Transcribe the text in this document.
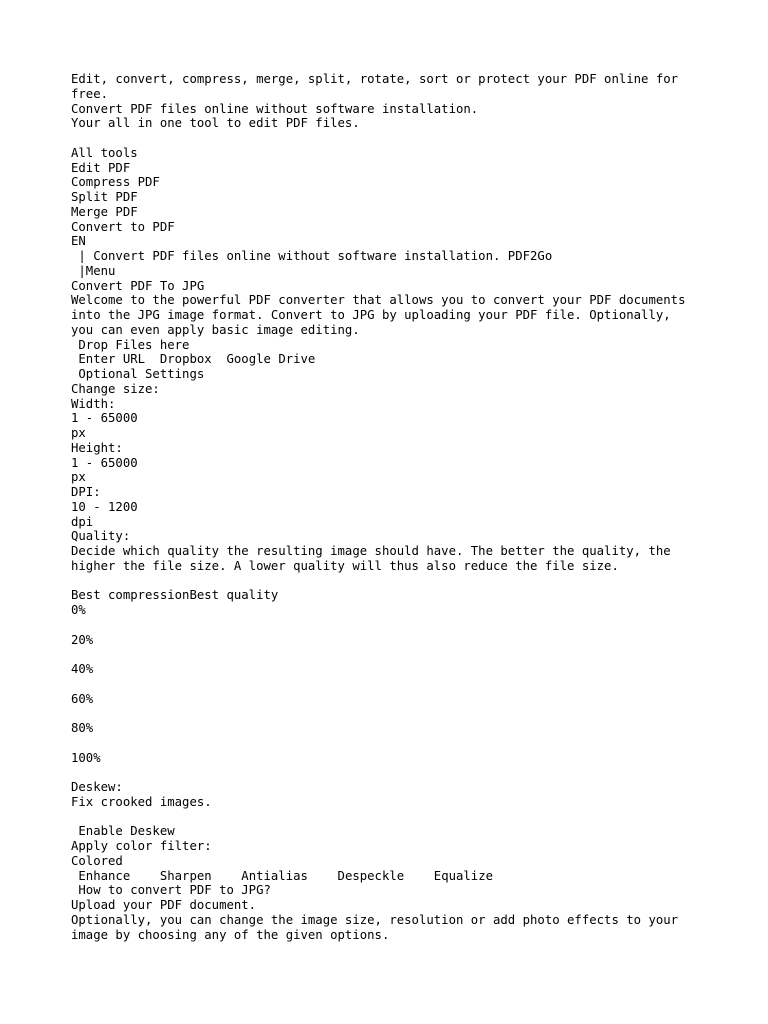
Edit, convert, compress, merge, split, rotate, sort or protect your PDF online for
free.
Convert PDF files online without software installation.
Your all in one tool to edit PDF files.
All tools
Edit PDF
Compress PDF
Split PDF
Merge PDF
Convert to PDF
EN
| Convert PDF files online without software installation. PDF2Go
|Menu
Convert PDF To JPG
Welcome to the powerful PDF converter that allows you to convert your PDF documents
into the JPG image format. Convert to JPG by uploading your PDF file. Optionally,
you can even apply basic image editing.
Drop Files here
Enter URL  Dropbox  Google Drive
Optional Settings
Change size:
Width:
1 - 65000
px
Height:
1 - 65000
px
DPI:
10 - 1200
dpi
Quality:
Decide which quality the resulting image should have. The better the quality, the
higher the file size. A lower quality will thus also reduce the file size.
Best compressionBest quality
0%
20%
40%
60%
80%
100%
Deskew:
Fix crooked images.
Enable Deskew
Apply color filter:
Colored
Enhance    Sharpen    Antialias    Despeckle    Equalize
How to convert PDF to JPG?
Upload your PDF document.
Optionally, you can change the image size, resolution or add photo effects to your
image by choosing any of the given options.
